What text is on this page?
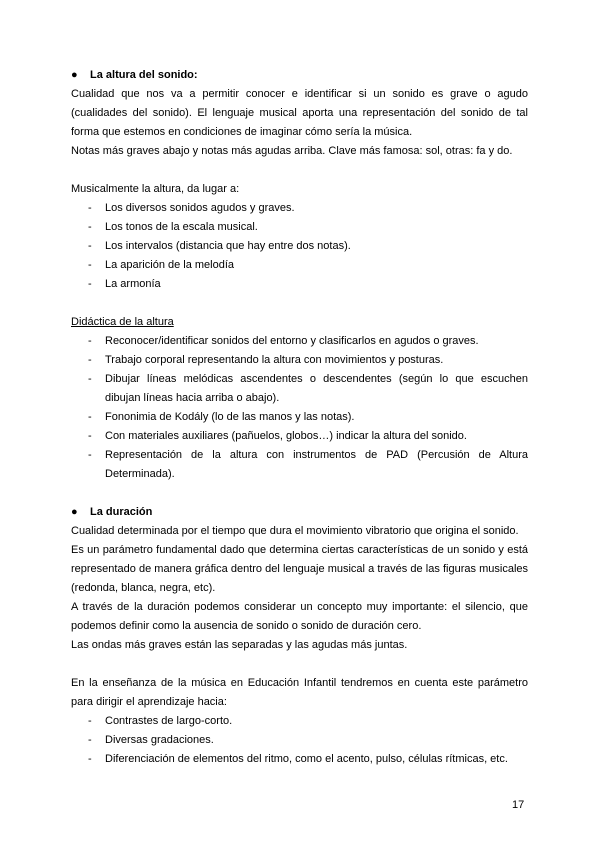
● La altura del sonido:

Cualidad que nos va a permitir conocer e identificar si un sonido es grave o agudo (cualidades del sonido). El lenguaje musical aporta una representación del sonido de tal forma que estemos en condiciones de imaginar cómo sería la música.

Notas más graves abajo y notas más agudas arriba. Clave más famosa: sol, otras: fa y do.

Musicalmente la altura, da lugar a:

- Los diversos sonidos agudos y graves.
- Los tonos de la escala musical.
- Los intervalos (distancia que hay entre dos notas).
- La aparición de la melodía
- La armonía

Didáctica de la altura

- Reconocer/identificar sonidos del entorno y clasificarlos en agudos o graves.
- Trabajo corporal representando la altura con movimientos y posturas.
- Dibujar líneas melódicas ascendentes o descendentes (según lo que escuchen dibujan líneas hacia arriba o abajo).
- Fononimia de Kodály (lo de las manos y las notas).
- Con materiales auxiliares (pañuelos, globos…) indicar la altura del sonido.
- Representación de la altura con instrumentos de PAD (Percusión de Altura Determinada).

● La duración

Cualidad determinada por el tiempo que dura el movimiento vibratorio que origina el sonido.

Es un parámetro fundamental dado que determina ciertas características de un sonido y está representado de manera gráfica dentro del lenguaje musical a través de las figuras musicales (redonda, blanca, negra, etc).

A través de la duración podemos considerar un concepto muy importante: el silencio, que podemos definir como la ausencia de sonido o sonido de duración cero.

Las ondas más graves están las separadas y las agudas más juntas.

En la enseñanza de la música en Educación Infantil tendremos en cuenta este parámetro para dirigir el aprendizaje hacia:

- Contrastes de largo-corto.
- Diversas gradaciones.
- Diferenciación de elementos del ritmo, como el acento, pulso, células rítmicas, etc.
17
